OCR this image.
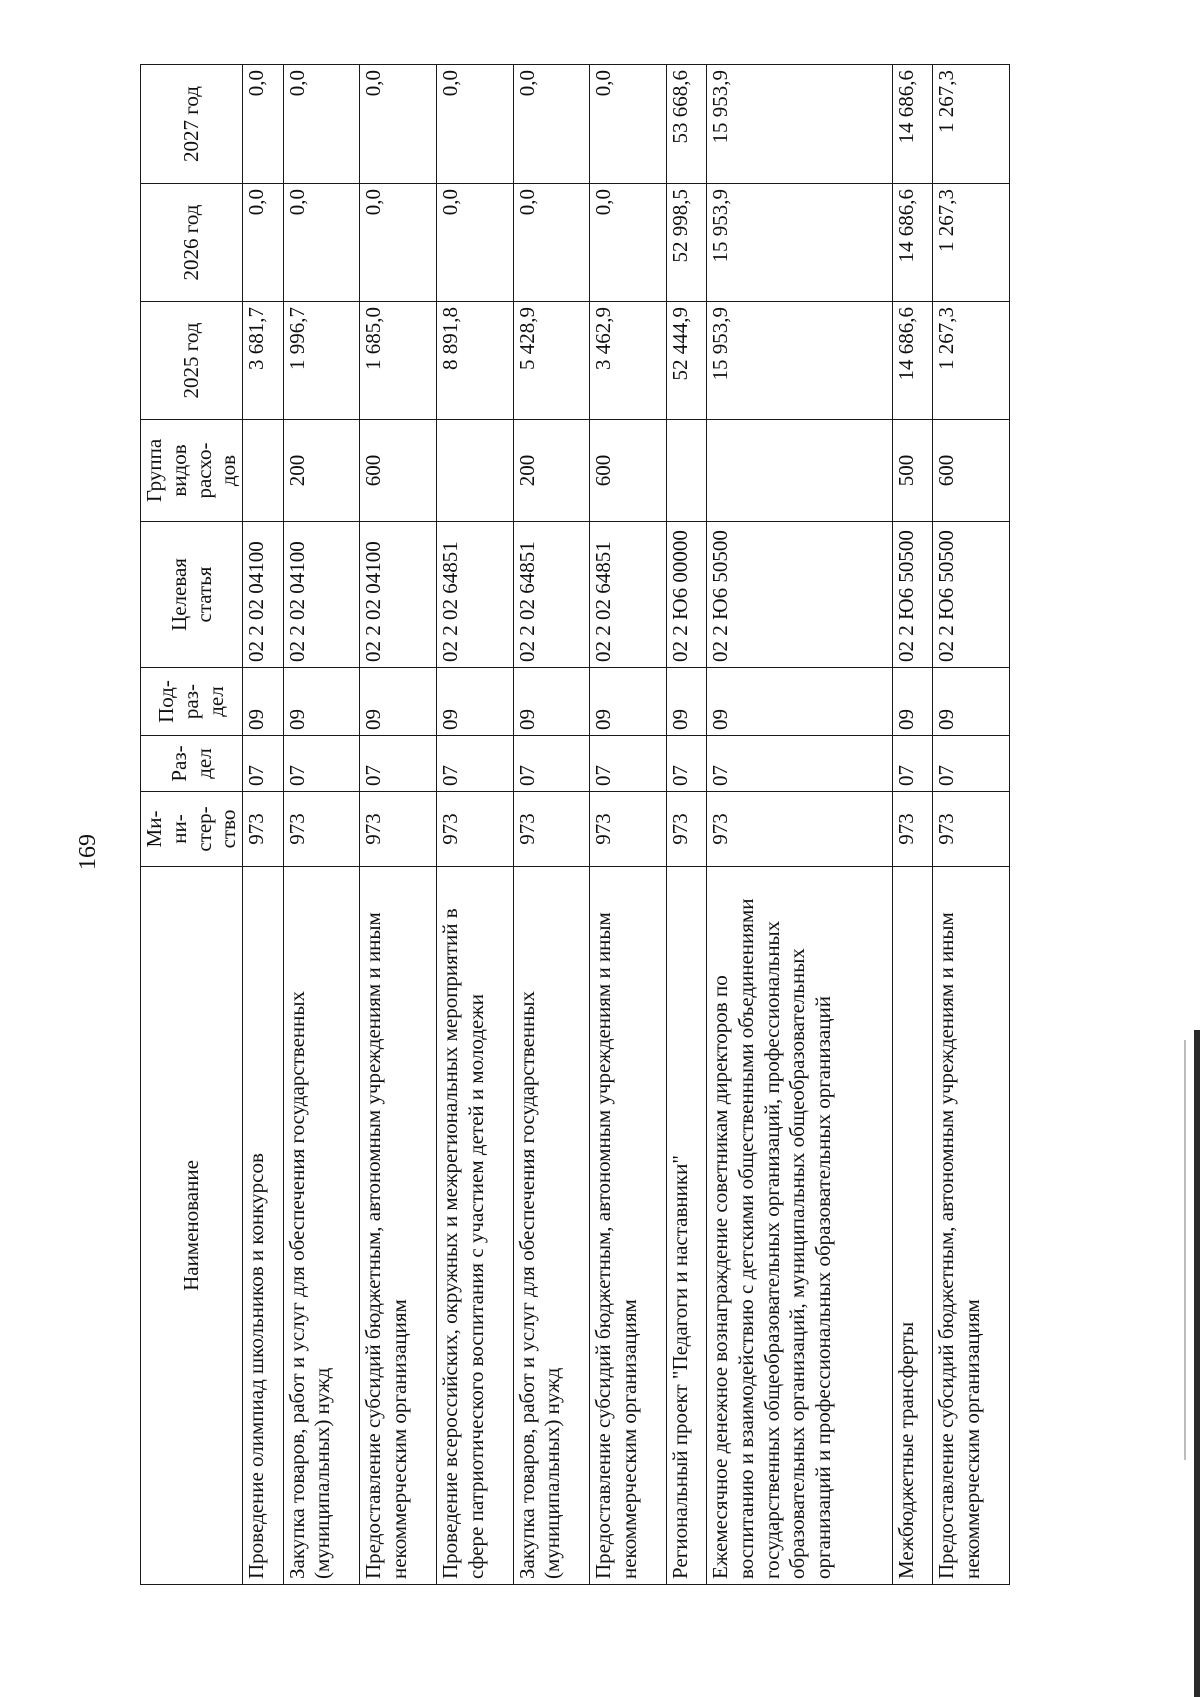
169
Наименование	Ми-
ни-
стер-
ство	Раз-
дел	Под-
раз-
дел	Целевая
статья	Группа
видов
расхо-
дов	2025 год	2026 год	2027 год
Проведение олимпиад школьников и конкурсов	973	07	09	02 2 02 04100		3 681,7	0,0	0,0
Закупка товаров, работ и услуг для обеспечения государственных (муниципальных) нужд	973	07	09	02 2 02 04100	200	1 996,7	0,0	0,0
Предоставление субсидий бюджетным, автономным учреждениям и иным некоммерческим организациям	973	07	09	02 2 02 04100	600	1 685,0	0,0	0,0
Проведение всероссийских, окружных и межрегиональных мероприятий в сфере патриотического воспитания с участием детей и молодежи	973	07	09	02 2 02 64851		8 891,8	0,0	0,0
Закупка товаров, работ и услуг для обеспечения государственных (муниципальных) нужд	973	07	09	02 2 02 64851	200	5 428,9	0,0	0,0
Предоставление субсидий бюджетным, автономным учреждениям и иным некоммерческим организациям	973	07	09	02 2 02 64851	600	3 462,9	0,0	0,0
Региональный проект "Педагоги и наставники"	973	07	09	02 2 Ю6 00000		52 444,9	52 998,5	53 668,6
Ежемесячное денежное вознаграждение советникам директоров по воспитанию и взаимодействию с детскими общественными объединениями государственных общеобразовательных организаций, профессиональных образовательных организаций, муниципальных общеобразовательных организаций и профессиональных образовательных организаций	973	07	09	02 2 Ю6 50500		15 953,9	15 953,9	15 953,9
Межбюджетные трансферты	973	07	09	02 2 Ю6 50500	500	14 686,6	14 686,6	14 686,6
Предоставление субсидий бюджетным, автономным учреждениям и иным некоммерческим организациям	973	07	09	02 2 Ю6 50500	600	1 267,3	1 267,3	1 267,3
